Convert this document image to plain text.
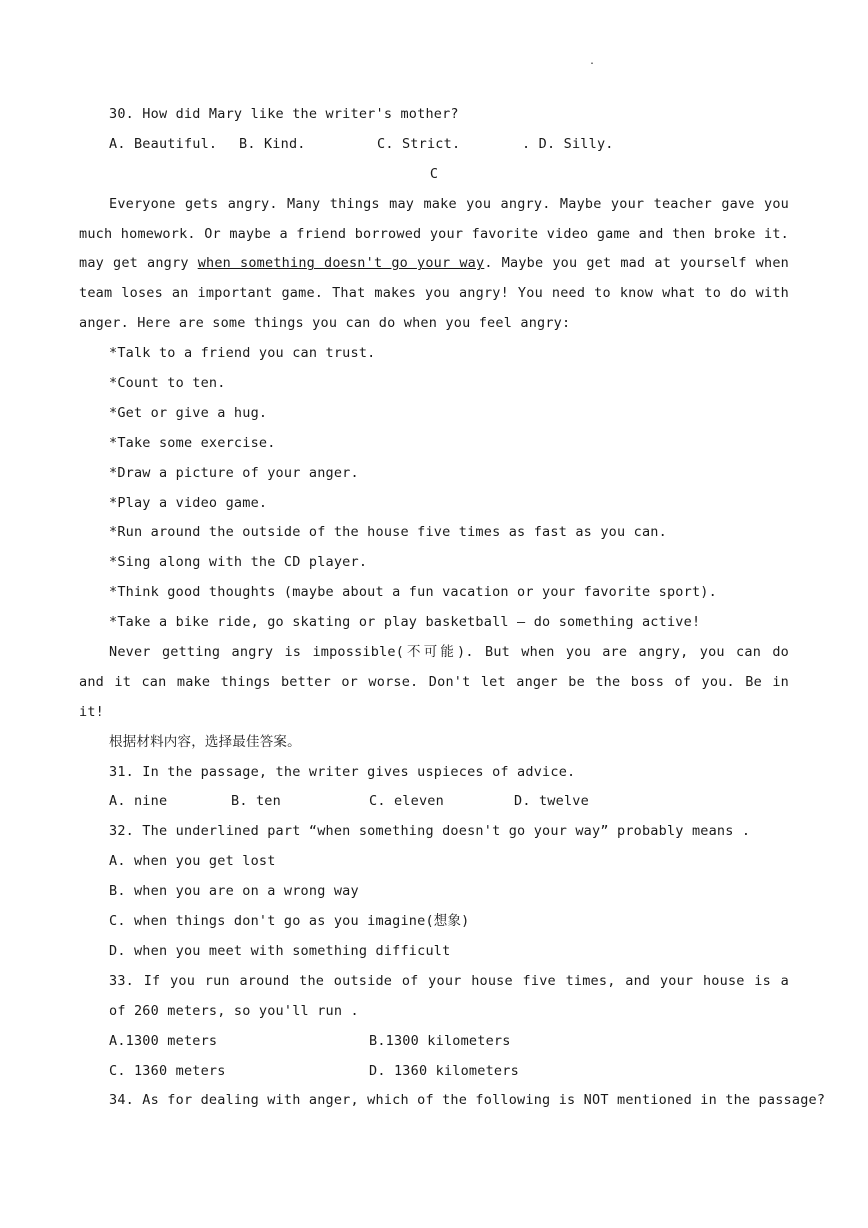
.
30. How did Mary like the writer's mother?
A. Beautiful. B. Kind.	C. Strict.	. D. Silly.
C
Everyone gets angry. Many things may make you angry. Maybe your teacher gave you
much homework. Or maybe a friend borrowed your favorite video game and then broke it.
may get angry when something doesn't go your way. Maybe you get mad at yourself when
team loses an important game. That makes you angry! You need to know what to do with
anger. Here are some things you can do when you feel angry:
*Talk to a friend you can trust.
*Count to ten.
*Get or give a hug.
*Take some exercise.
*Draw a picture of your anger.
*Play a video game.
*Run around the outside of the house five times as fast as you can.
*Sing along with the CD player.
*Think good thoughts (maybe about a fun vacation or your favorite sport).
*Take a bike ride, go skating or play basketball — do something active!
Never getting angry is impossible(不可能). But when you are angry, you can do
and it can make things better or worse. Don't let anger be the boss of you. Be in
it!
根据材料内容，选择最佳答案。
31. In the passage, the writer gives uspieces of advice.
A. nine	B. ten	C. eleven	D. twelve
32. The underlined part “when something doesn't go your way” probably means .
A. when you get lost
B. when you are on a wrong way
C. when things don't go as you imagine(想象)
D. when you meet with something difficult
33. If you run around the outside of your house five times, and your house is a
of 260 meters, so you'll run .
A.1300 meters	B.1300 kilometers
C. 1360 meters	D. 1360 kilometers
34. As for dealing with anger, which of the following is NOT mentioned in the passage?
